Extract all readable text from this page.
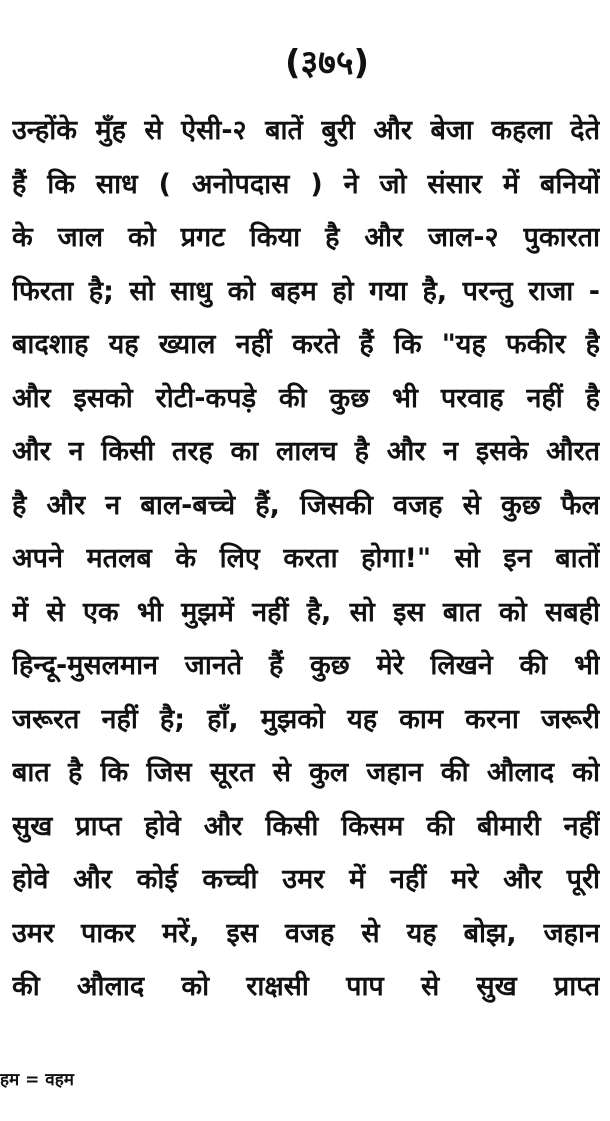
(३७५)
उन्होंके मुँह से ऐसी-२ बातें बुरी और बेजा कहला देते
हैं कि साध ( अनोपदास ) ने जो संसार में बनियों
के जाल को प्रगट किया है और जाल-२ पुकारता
फिरता है; सो साधु को बहम हो गया है, परन्तु राजा -
बादशाह यह ख्याल नहीं करते हैं कि "यह फकीर है
और इसको रोटी-कपड़े की कुछ भी परवाह नहीं है
और न किसी तरह का लालच है और न इसके औरत
है और न बाल-बच्चे हैं, जिसकी वजह से कुछ फैल
अपने मतलब के लिए करता होगा!" सो इन बातों
में से एक भी मुझमें नहीं है, सो इस बात को सबही
हिन्दू-मुसलमान जानते हैं कुछ मेरे लिखने की भी
जरूरत नहीं है; हाँ, मुझको यह काम करना जरूरी
बात है कि जिस सूरत से कुल जहान की औलाद को
सुख प्राप्त होवे और किसी किसम की बीमारी नहीं
होवे और कोई कच्ची उमर में नहीं मरे और पूरी
उमर पाकर मरें, इस वजह से यह बोझ, जहान
की औलाद को राक्षसी पाप से सुख प्राप्त
हम = वहम
